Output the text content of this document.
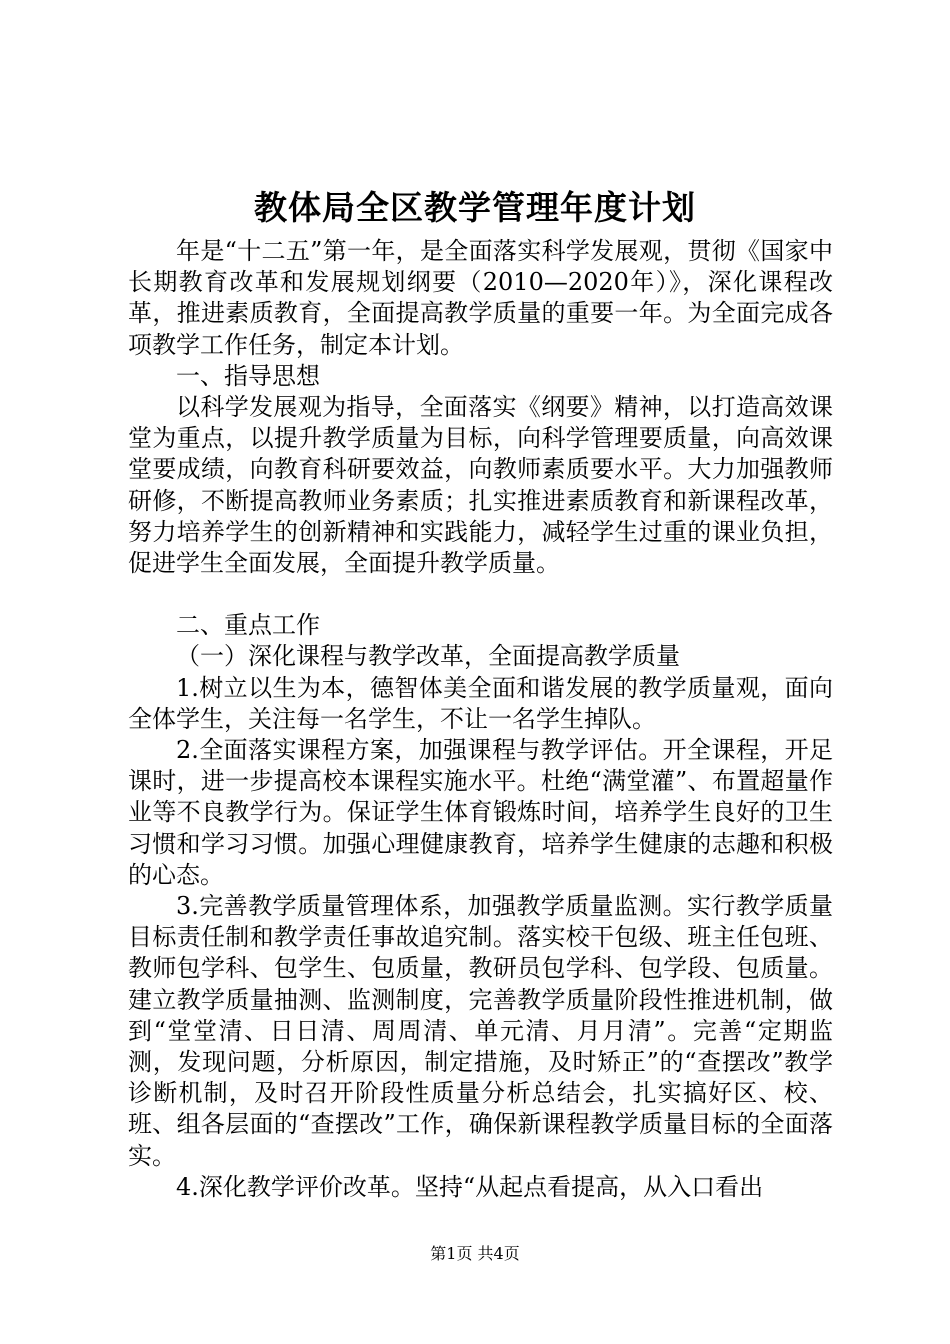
教体局全区教学管理年度计划

年是“十二五”第一年，是全面落实科学发展观，贯彻《国家中长期教育改革和发展规划纲要（2010—2020年）》，深化课程改革，推进素质教育，全面提高教学质量的重要一年。为全面完成各项教学工作任务，制定本计划。

一、指导思想

以科学发展观为指导，全面落实《纲要》精神，以打造高效课堂为重点，以提升教学质量为目标，向科学管理要质量，向高效课堂要成绩，向教育科研要效益，向教师素质要水平。大力加强教师研修，不断提高教师业务素质；扎实推进素质教育和新课程改革，努力培养学生的创新精神和实践能力，减轻学生过重的课业负担，促进学生全面发展，全面提升教学质量。

二、重点工作

（一）深化课程与教学改革，全面提高教学质量

1.树立以生为本，德智体美全面和谐发展的教学质量观，面向全体学生，关注每一名学生，不让一名学生掉队。

2.全面落实课程方案，加强课程与教学评估。开全课程，开足课时，进一步提高校本课程实施水平。杜绝“满堂灌”、布置超量作业等不良教学行为。保证学生体育锻炼时间，培养学生良好的卫生习惯和学习习惯。加强心理健康教育，培养学生健康的志趣和积极的心态。

3.完善教学质量管理体系，加强教学质量监测。实行教学质量目标责任制和教学责任事故追究制。落实校干包级、班主任包班、教师包学科、包学生、包质量，教研员包学科、包学段、包质量。建立教学质量抽测、监测制度，完善教学质量阶段性推进机制，做到“堂堂清、日日清、周周清、单元清、月月清”。完善“定期监测，发现问题，分析原因，制定措施，及时矫正”的“查摆改”教学诊断机制，及时召开阶段性质量分析总结会，扎实搞好区、校、班、组各层面的“查摆改”工作，确保新课程教学质量目标的全面落实。

4.深化教学评价改革。坚持“从起点看提高，从入口看出

第1页 共4页
